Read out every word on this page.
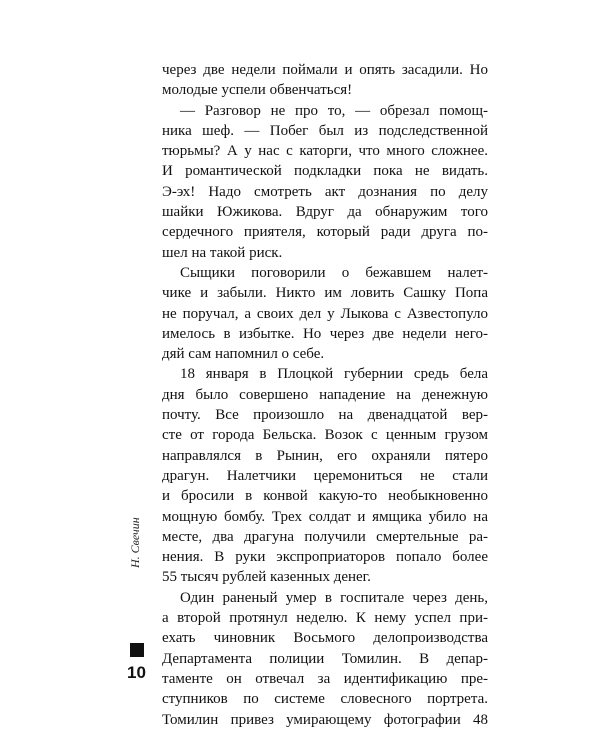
через две недели поймали и опять засадили. Но
молодые успели обвенчаться!

— Разговор не про то, — обрезал помощ-
ника шеф. — Побег был из подследственной
тюрьмы? А у нас с каторги, что много сложнее.
И романтической подкладки пока не видать.
Э-эх! Надо смотреть акт дознания по делу
шайки Южикова. Вдруг да обнаружим того
сердечного приятеля, который ради друга по-
шел на такой риск.

Сыщики поговорили о бежавшем налет-
чике и забыли. Никто им ловить Сашку Попа
не поручал, а своих дел у Лыкова с Азвестопуло
имелось в избытке. Но через две недели него-
дяй сам напомнил о себе.

18 января в Плоцкой губернии средь бела
дня было совершено нападение на денежную
почту. Все произошло на двенадцатой вер-
сте от города Бельска. Возок с ценным грузом
направлялся в Рынин, его охраняли пятеро
драгун. Налетчики церемониться не стали
и бросили в конвой какую-то необыкновенно
мощную бомбу. Трех солдат и ямщика убило на
месте, два драгуна получили смертельные ра-
нения. В руки экспроприаторов попало более
55 тысяч рублей казенных денег.

Один раненый умер в госпитале через день,
а второй протянул неделю. К нему успел при-
ехать чиновник Восьмого делопроизводства
Департамента полиции Томилин. В депар-
таменте он отвечал за идентификацию пре-
ступников по системе словесного портрета.
Томилин привез умирающему фотографии 48

Н. Свечин
10
